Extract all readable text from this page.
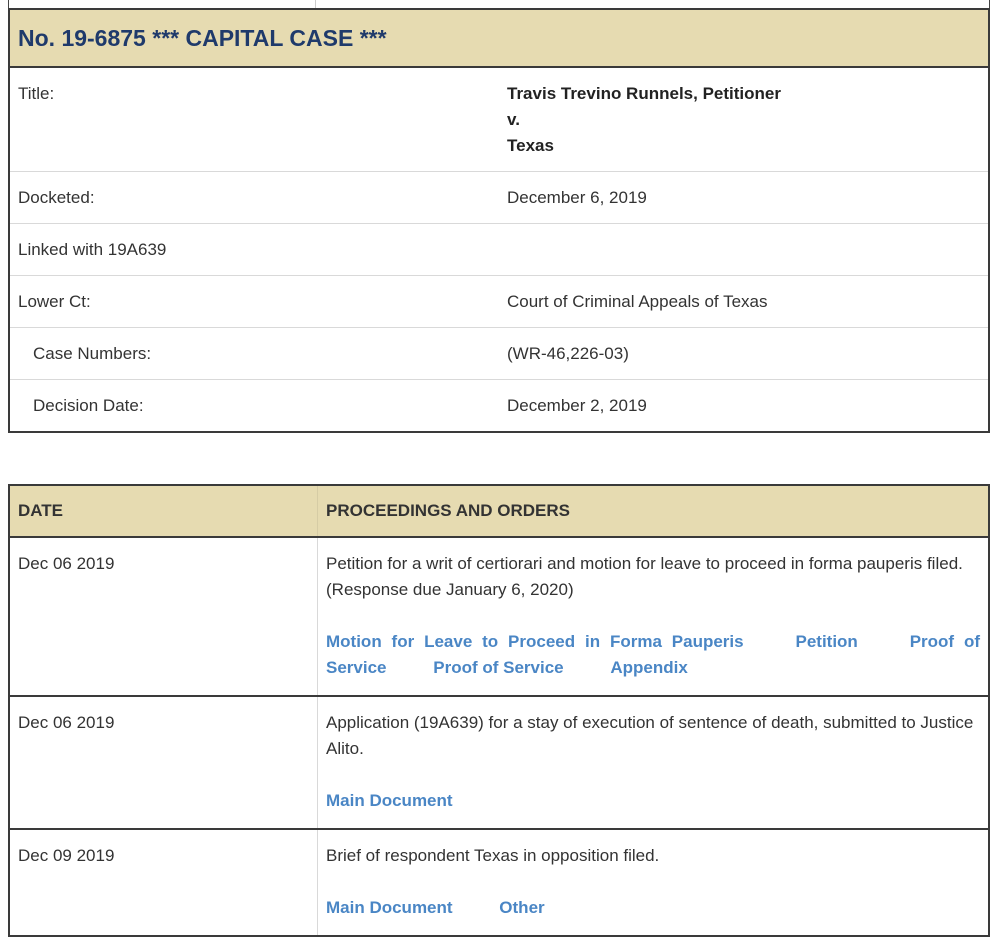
No. 19-6875 *** CAPITAL CASE ***	
Title:	Travis Trevino Runnels, Petitioner
v.
Texas

Docketed:	December 6, 2019
Linked with 19A639	
Lower Ct:	Court of Criminal Appeals of Texas
Case Numbers:	(WR-46,226-03)
Decision Date:	December 2, 2019
DATE	PROCEEDINGS AND ORDERS
Dec 06 2019	Petition for a writ of certiorari and motion for leave to proceed in forma pauperis filed. (Response due January 6, 2020)
Motion for Leave to Proceed in Forma Pauperis Petition Proof of Service Proof of Service Appendix

Dec 06 2019	Application (19A639) for a stay of execution of sentence of death, submitted to Justice Alito.
Main Document

Dec 09 2019	Brief of respondent Texas in opposition filed.
Main Document Other
